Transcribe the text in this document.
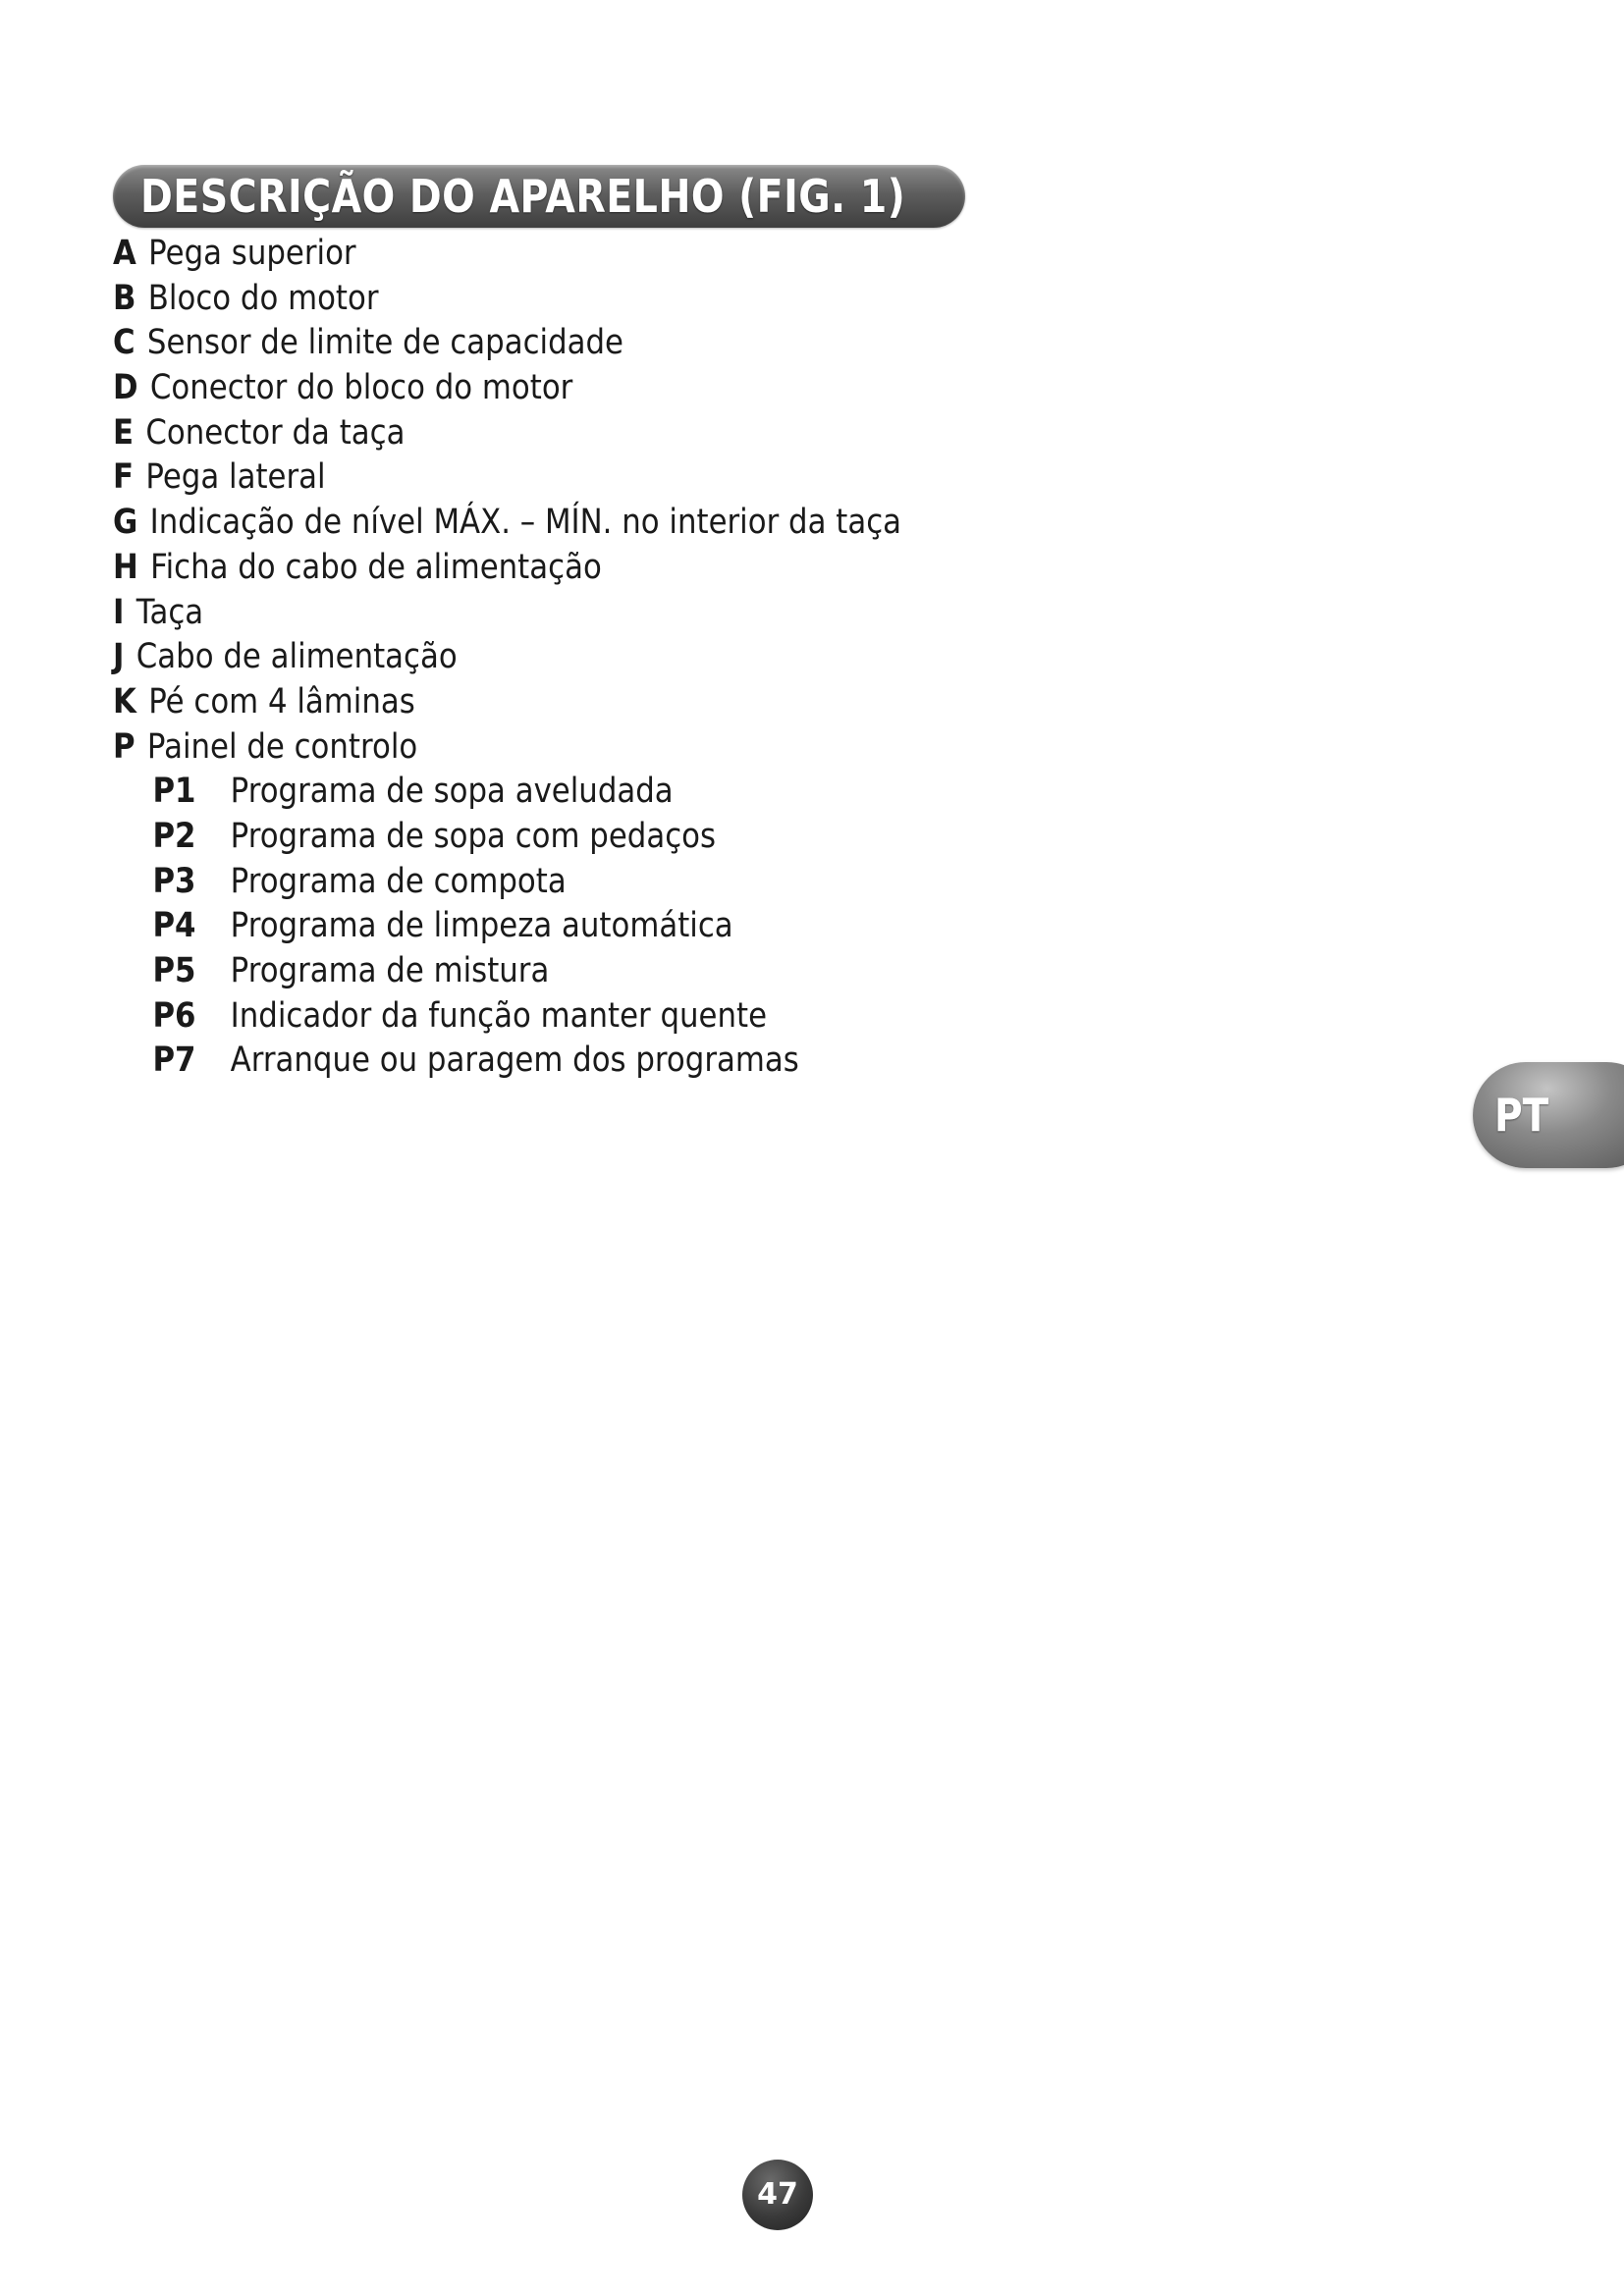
DESCRIÇÃO DO APARELHO (FIG. 1)
A Pega superior
B Bloco do motor
C Sensor de limite de capacidade
D Conector do bloco do motor
E Conector da taça
F Pega lateral
G Indicação de nível MÁX. – MÍN. no interior da taça
H Ficha do cabo de alimentação
I Taça
J Cabo de alimentação
K Pé com 4 lâminas
P Painel de controlo
P1 Programa de sopa aveludada
P2 Programa de sopa com pedaços
P3 Programa de compota
P4 Programa de limpeza automática
P5 Programa de mistura
P6 Indicador da função manter quente
P7 Arranque ou paragem dos programas
PT
47
